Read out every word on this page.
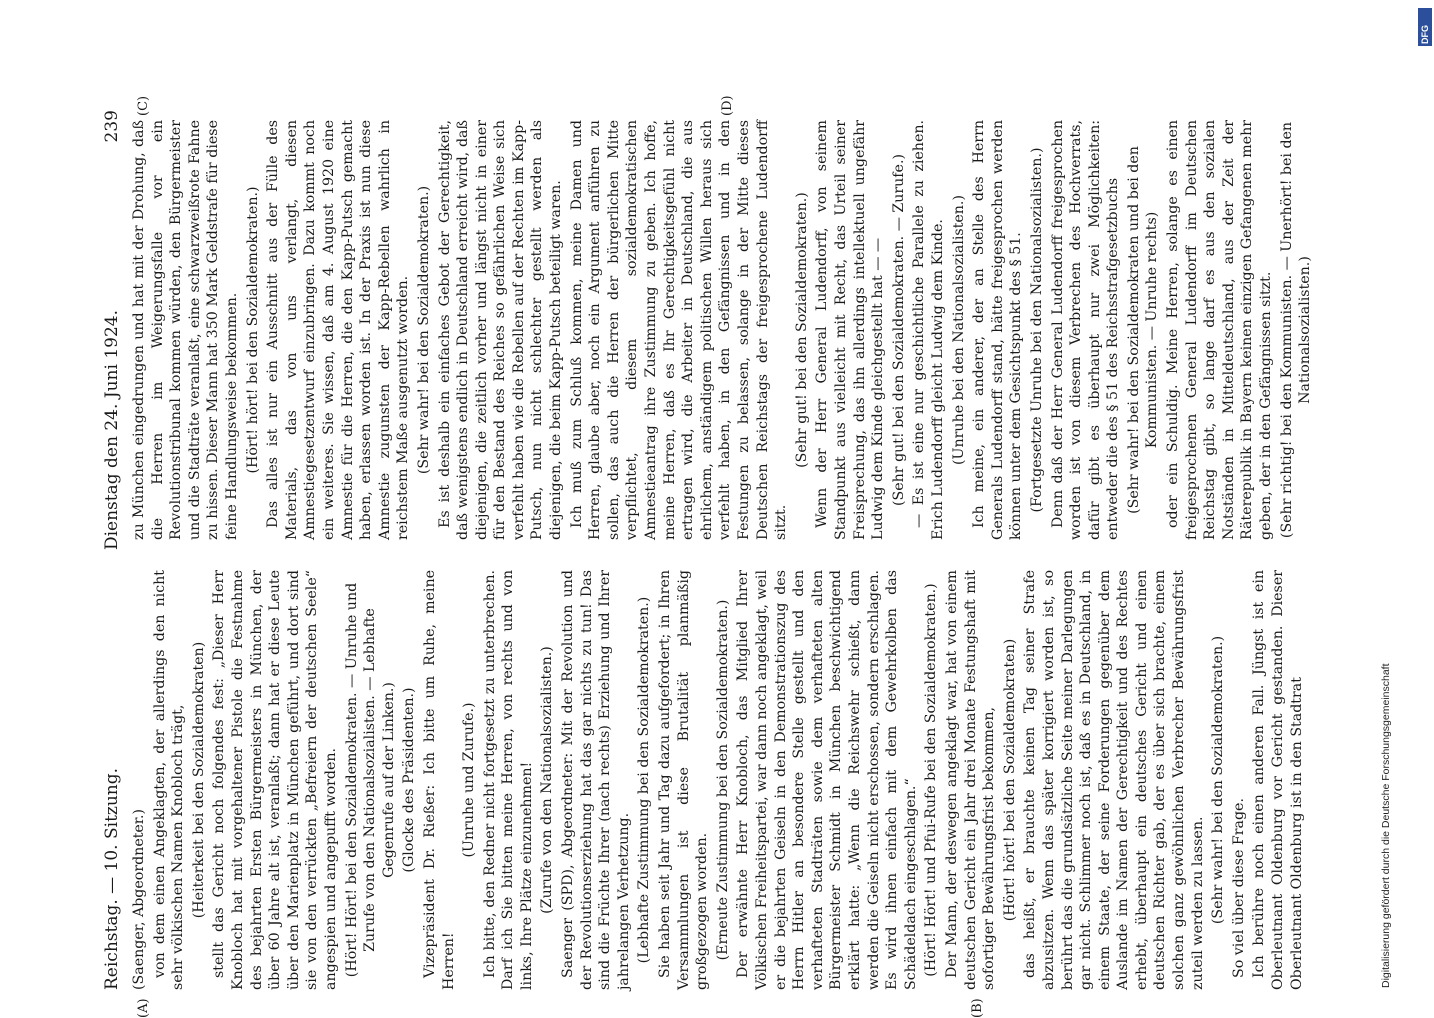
Reichstag. — 10. Sitzung.
Dienstag den 24. Juni 1924.
239
(A)	(B)
(C)	(D)

(Saenger, Abgeordneter.) von dem einen Angeklagten, der allerdings den nicht sehr völkischen Namen Knobloch trägt, (Heiterkeit bei den Sozialdemokraten) stellt das Gericht noch folgendes fest: „Dieser Herr Knobloch hat mit vorgehaltener Pistole die Festnahme des bejahrten Ersten Bürgermeisters in München, der über 60 Jahre alt ist, veranlaßt; dann hat er diese Leute über den Marienplatz in München geführt, und dort sind sie von den verrückten „Befreiern der deutschen Seele“ angespien und angepufft worden. (Hört! Hört! bei den Sozialdemokraten. — Unruhe und Zurufe von den Nationalsozialisten. — Lebhafte Gegenrufe auf der Linken.) (Glocke des Präsidenten.) Vizepräsident Dr. Rießer: Ich bitte um Ruhe, meine Herren!

(Unruhe und Zurufe.) Ich bitte, den Redner nicht fortgesetzt zu unterbrechen. Darf ich Sie bitten meine Herren, von rechts und von links, Ihre Plätze einzunehmen! (Zurufe von den Nationalsozialisten.) Saenger (SPD), Abgeordneter: Mit der Revolution und der Revolutionserziehung hat das gar nichts zu tun! Das sind die Früchte Ihrer (nach rechts) Erziehung und Ihrer jahrelangen Verhetzung. (Lebhafte Zustimmung bei den Sozialdemokraten.) Sie haben seit Jahr und Tag dazu aufgefordert; in Ihren Versammlungen ist diese Brutalität planmäßig großgezogen worden. (Erneute Zustimmung bei den Sozialdemokraten.) Der erwähnte Herr Knobloch, das Mitglied Ihrer Völkischen Freiheitspartei, war dann noch angeklagt, weil er die bejahrten Geiseln in den Demonstrationszug des Herrn Hitler an besondere Stelle gestellt und den verhafteten Stadträten sowie dem verhafteten alten Bürgermeister Schmidt in München beschwichtigend erklärt hatte: „Wenn die Reichswehr schießt, dann werden die Geiseln nicht erschossen, sondern erschlagen. Es wird ihnen einfach mit dem Gewehrkolben das Schädeldach eingeschlagen.“ (Hört! Hört! und Pfui-Rufe bei den Sozialdemokraten.) Der Mann, der deswegen angeklagt war, hat von einem deutschen Gericht ein Jahr drei Monate Festungshaft mit sofortiger Bewährungsfrist bekommen, (Hört! hört! bei den Sozialdemokraten) das heißt, er brauchte keinen Tag seiner Strafe abzusitzen. Wenn das später korrigiert worden ist, so berührt das die grundsätzliche Seite meiner Darlegungen gar nicht. Schlimmer noch ist, daß es in Deutschland, in einem Staate, der seine Forderungen gegenüber dem Auslande im Namen der Gerechtigkeit und des Rechtes erhebt, überhaupt ein deutsches Gericht und einen deutschen Richter gab, der es über sich brachte, einem solchen ganz gewöhnlichen Verbrecher Bewährungsfrist zuteil werden zu lassen. (Sehr wahr! bei den Sozialdemokraten.) So viel über diese Frage. Ich berühre noch einen anderen Fall. Jüngst ist ein Oberleutnant Oldenburg vor Gericht gestanden. Dieser Oberleutnant Oldenburg ist in den Stadtrat

zu München eingedrungen und hat mit der Drohung, daß die Herren im Weigerungsfalle vor ein Revolutionstribunal kommen würden, den Bürgermeister und die Stadträte veranlaßt, eine schwarzweißrote Fahne zu hissen. Dieser Mann hat 350 Mark Geldstrafe für diese feine Handlungsweise bekommen. (Hört! hört! bei den Sozialdemokraten.) Das alles ist nur ein Ausschnitt aus der Fülle des Materials, das von uns verlangt, diesen Amnestiegesetzentwurf einzubringen. Dazu kommt noch ein weiteres. Sie wissen, daß am 4. August 1920 eine Amnestie für die Herren, die den Kapp-Putsch gemacht haben, erlassen worden ist. In der Praxis ist nun diese Amnestie zugunsten der Kapp-Rebellen wahrlich in reichstem Maße ausgenutzt worden. (Sehr wahr! bei den Sozialdemokraten.) Es ist deshalb ein einfaches Gebot der Gerechtigkeit, daß wenigstens endlich in Deutschland erreicht wird, daß diejenigen, die zeitlich vorher und längst nicht in einer für den Bestand des Reiches so gefährlichen Weise sich verfehlt haben wie die Rebellen auf der Rechten im Kapp-Putsch, nun nicht schlechter gestellt werden als diejenigen, die beim Kapp-Putsch beteiligt waren. Ich muß zum Schluß kommen, meine Damen und Herren, glaube aber, noch ein Argument anführen zu sollen, das auch die Herren der bürgerlichen Mitte verpflichtet, diesem sozialdemokratischen Amnestieantrag ihre Zustimmung zu geben. Ich hoffe, meine Herren, daß es Ihr Gerechtigkeitsgefühl nicht ertragen wird, die Arbeiter in Deutschland, die aus ehrlichem, anständigem politischen Willen heraus sich verfehlt haben, in den Gefängnissen und in den Festungen zu belassen, solange in der Mitte dieses Deutschen Reichstags der freigesprochene Ludendorff sitzt.

(Sehr gut! bei den Sozialdemokraten.) Wenn der Herr General Ludendorff, von seinem Standpunkt aus vielleicht mit Recht, das Urteil seiner Freisprechung, das ihn allerdings intellektuell ungefähr Ludwig dem Kinde gleichgestellt hat — — (Sehr gut! bei den Sozialdemokraten. — Zurufe.) — Es ist eine nur geschichtliche Parallele zu ziehen. Erich Ludendorff gleicht Ludwig dem Kinde. (Unruhe bei den Nationalsozialisten.) Ich meine, ein anderer, der an Stelle des Herrn Generals Ludendorff stand, hätte freigesprochen werden können unter dem Gesichtspunkt des § 51. (Fortgesetzte Unruhe bei den Nationalsozialisten.) Denn daß der Herr General Ludendorff freigesprochen worden ist von diesem Verbrechen des Hochverrats, dafür gibt es überhaupt nur zwei Möglichkeiten: entweder die des § 51 des Reichsstrafgesetzbuchs (Sehr wahr! bei den Sozialdemokraten und bei den Kommunisten. — Unruhe rechts) oder ein Schuldig. Meine Herren, solange es einen freigesprochenen General Ludendorff im Deutschen Reichstag gibt, so lange darf es aus den sozialen Notständen in Mitteldeutschland, aus der Zeit der Räterepublik in Bayern keinen einzigen Gefangenen mehr geben, der in den Gefängnissen sitzt. (Sehr richtig! bei den Kommunisten. — Unerhört! bei den Nationalsozialisten.)

Digitalisierung gefördert durch die Deutsche Forschungsgemeinschaft
DFG
